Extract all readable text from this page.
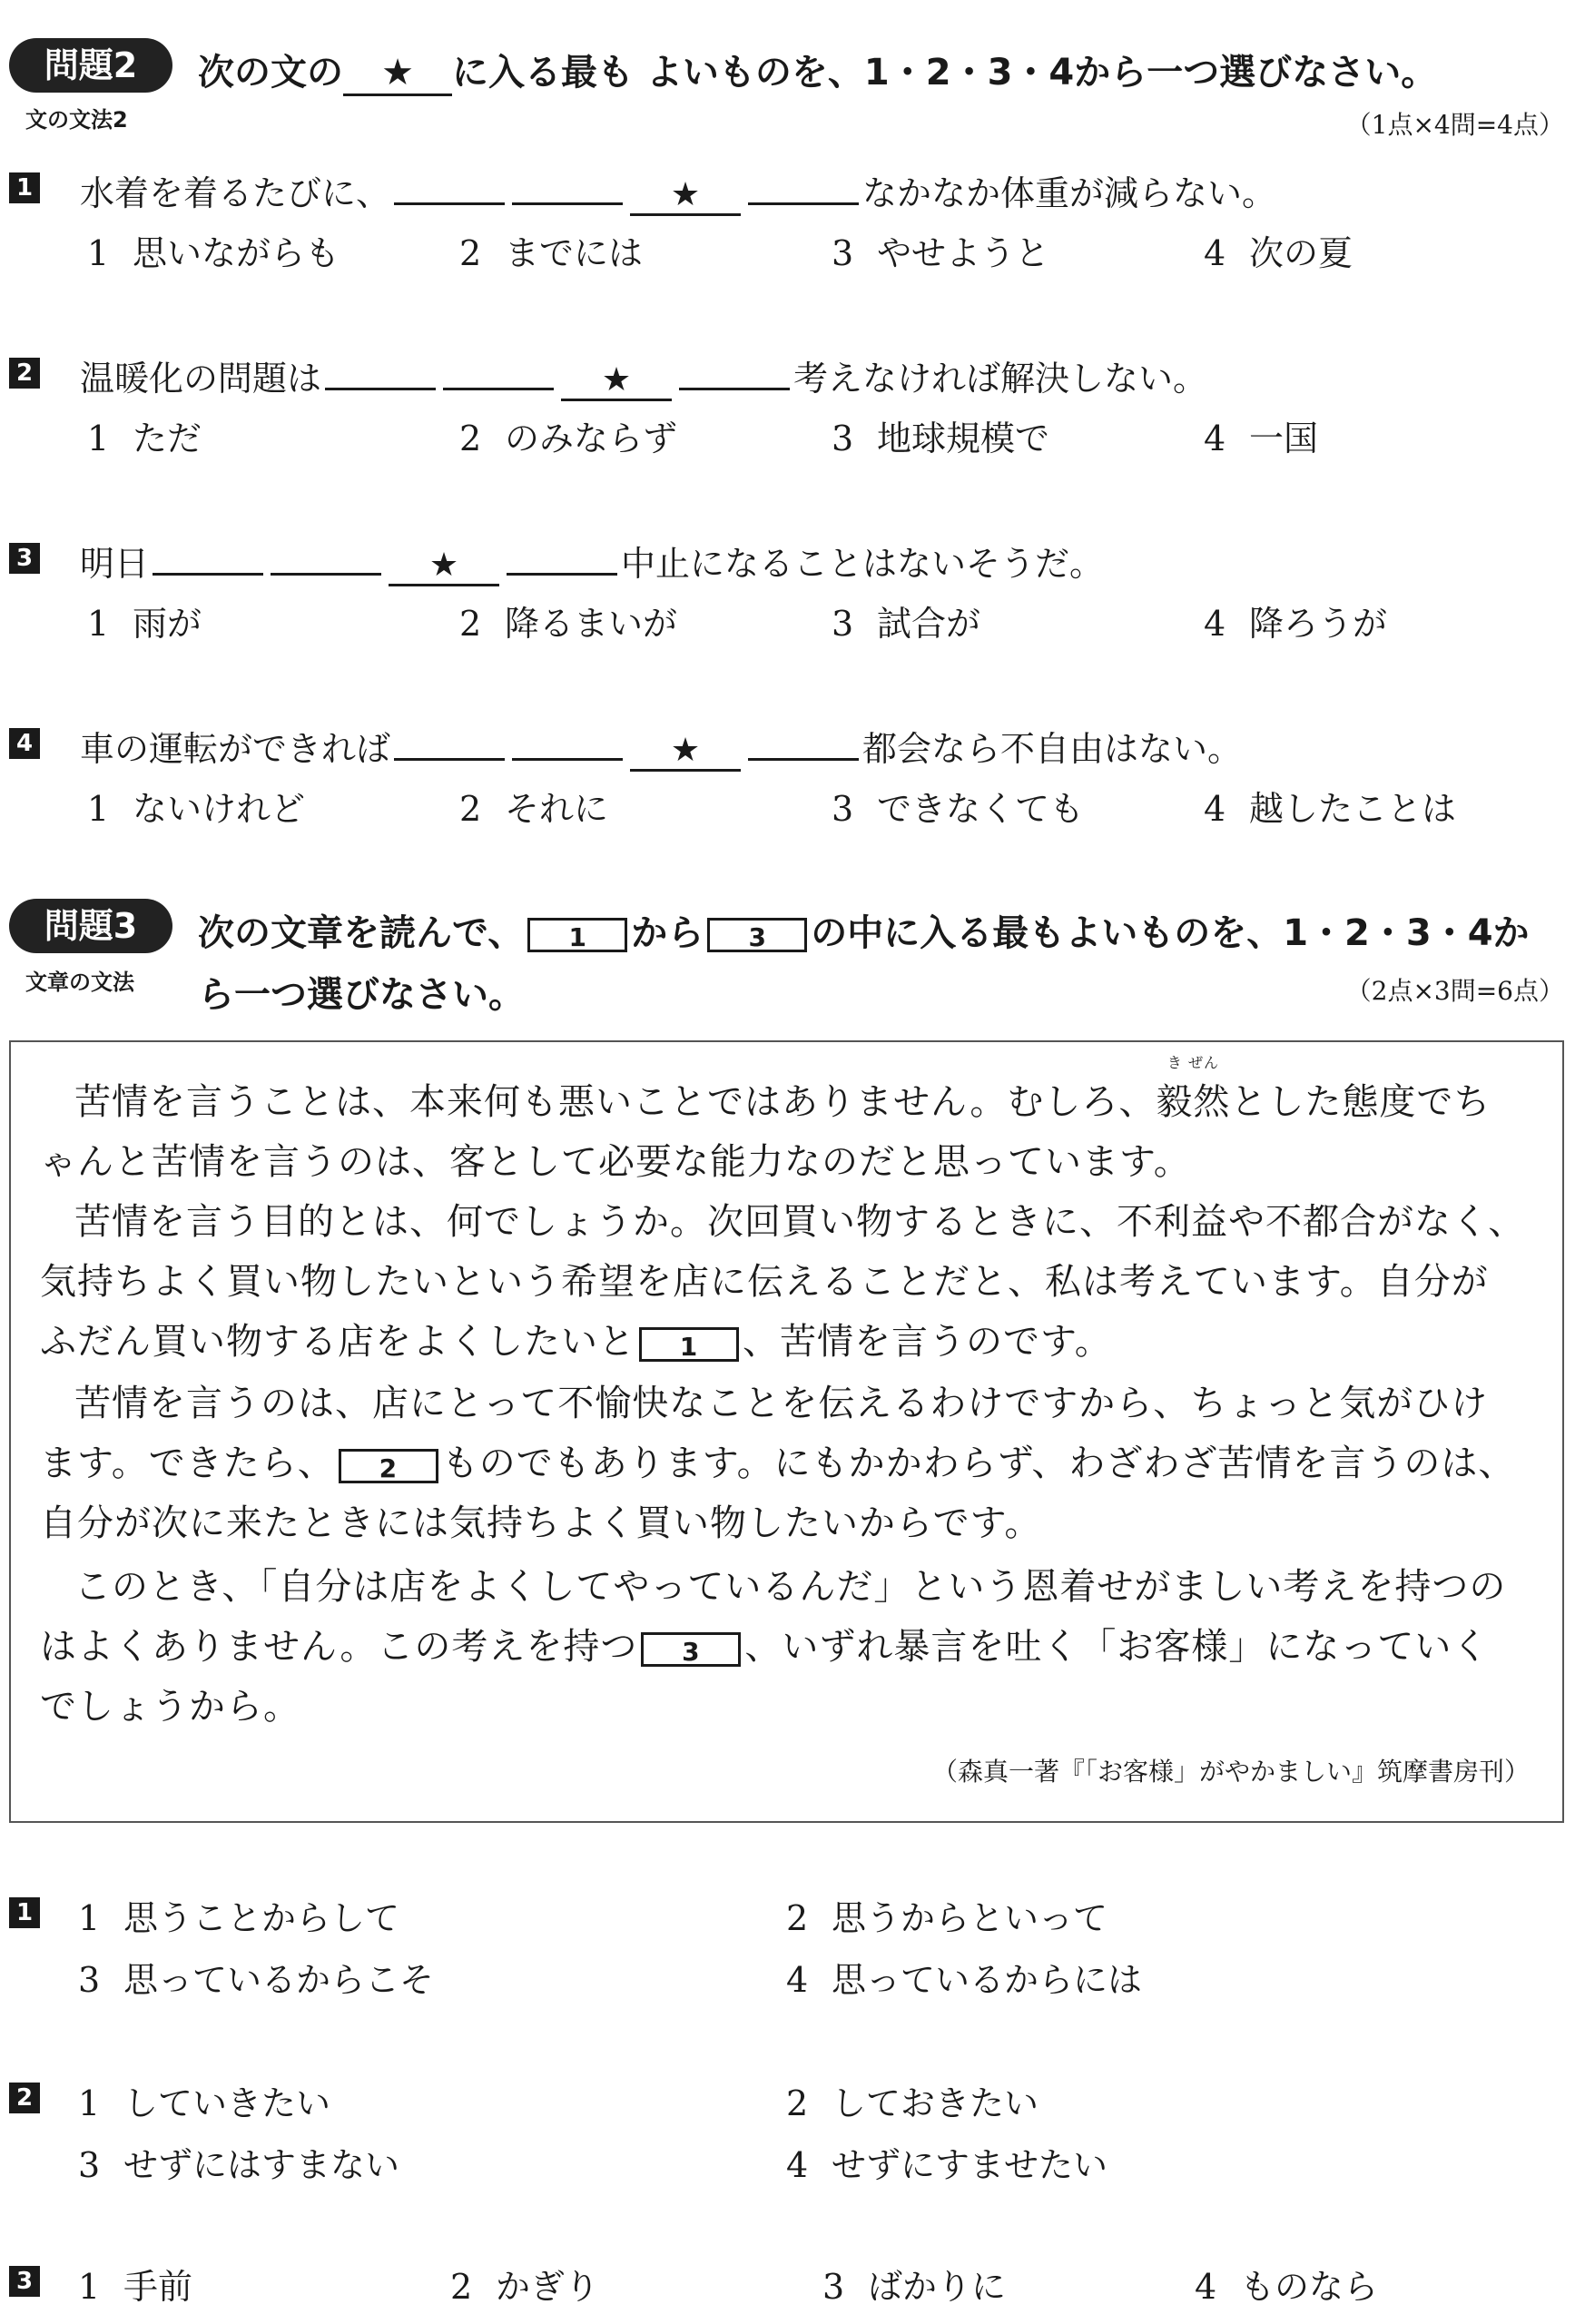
問題2	次の文の ★ に入る最も よいものを、1・2・3・4から一つ選びなさい。
文の文法2	（1点×4問=4点）
1 水着を着るたびに、	★	なかなか体重が減らない。
1 思いながらも	2 までには	3 やせようと	4 次の夏
2 温暖化の問題は	★	考えなければ解決しない。
1 ただ	2 のみならず	3 地球規模で	4 一国
3 明日	★	中止になることはないそうだ。
1 雨が	2 降るまいが	3 試合が	4 降ろうが
4 車の運転ができれば	★	都会なら不自由はない。
1 ないけれど	2 それに	3 できなくても	4 越したことは
問題3	次の文章を読んで、 1 から 3 の中に入る最もよいものを、1・2・3・4か
ら一つ選びなさい。
文章の文法	（2点×3問=6点）
苦情を言うことは、本来何も悪いことではありません。むしろ、
き ぜん
毅然とした態度でち
ゃんと苦情を言うのは、客として必要な能力なのだと思っています。
苦情を言う目的とは、何でしょうか。次回買い物するときに、不利益や不都合がなく、
気持ちよく買い物したいという希望を店に伝えることだと、私は考えています。自分が
ふだん買い物する店をよくしたいと 1 、苦情を言うのです。
苦情を言うのは、店にとって不愉快なことを伝えるわけですから、ちょっと気がひけ
ます。できたら、 2 ものでもあります。にもかかわらず、わざわざ苦情を言うのは、
自分が次に来たときには気持ちよく買い物したいからです。
このとき、「自分は店をよくしてやっているんだ」という恩着せがましい考えを持つの
はよくありません。この考えを持つ 3 、いずれ暴言を吐く「お客様」になっていく
でしょうから。
（森真一著『「お客様」がやかましい』筑摩書房刊）
1 1 思うことからして	2 思うからといって
3 思っているからこそ	4 思っているからには
2 1 していきたい	2 しておきたい
3 せずにはすまない	4 せずにすませたい
3 1 手前	2 かぎり	3 ばかりに	4 ものなら
